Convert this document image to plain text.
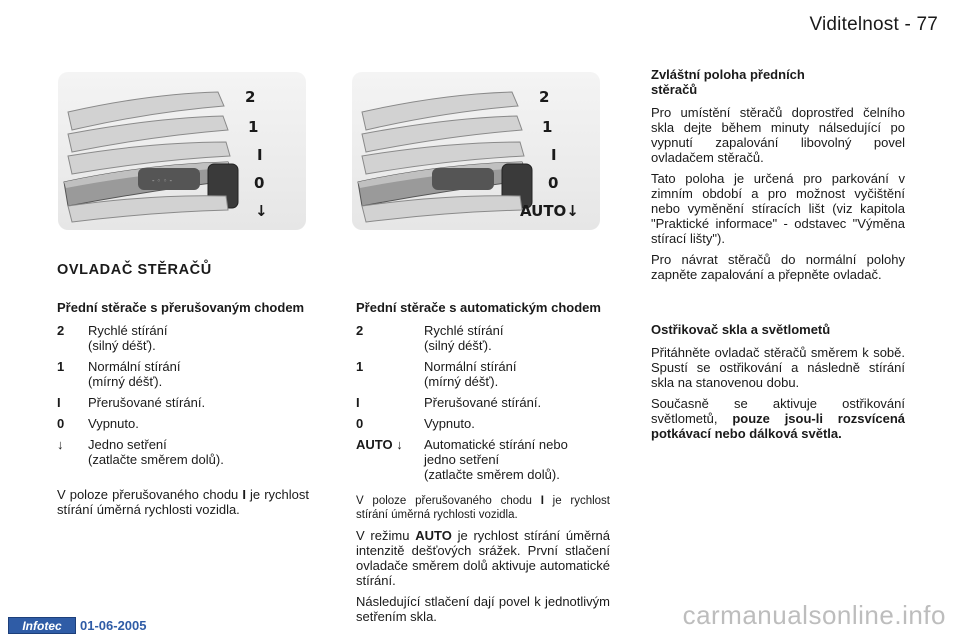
Viditelnost - 77
- ◦ ◦ -
2
1
I
0
↓
2
1
I
0
AUTO↓
OVLADAČ STĚRAČŮ
Přední stěrače s přerušovaným chodem
2	Rychlé stírání
(silný déšť).
1	Normální stírání
(mírný déšť).
I	Přerušované stírání.
0	Vypnuto.
↓	Jedno setření
(zatlačte směrem dolů).

V poloze přerušovaného chodu I je rychlost stírání úměrná rychlosti vozidla.

Přední stěrače s automatickým chodem
2	Rychlé stírání
(silný déšť).
1	Normální stírání
(mírný déšť).
I	Přerušované stírání.
0	Vypnuto.
AUTO ↓	Automatické stírání nebo
jedno setření
(zatlačte směrem dolů).

V poloze přerušovaného chodu I je rychlost stírání úměrná rychlosti vozidla.

V režimu AUTO je rychlost stírání úměrná intenzitě dešťových srážek. První stlačení ovladače směrem dolů aktivuje automatické stírání.

Následující stlačení dají povel k jednotlivým setřením skla.

Zvláštní poloha předních stěračů

Pro umístění stěračů doprostřed čelního skla dejte během minuty nálsedující po vypnutí zapalování libovolný povel ovladačem stěračů.

Tato poloha je určená pro parkování v zimním období a pro možnost vyčištění nebo vyměnění stíracích lišt (viz kapitola "Praktické informace" - odstavec "Výměna stírací lišty").

Pro návrat stěračů do normální polohy zapněte zapalování a přepněte ovladač.

Ostřikovač skla a světlometů

Přitáhněte ovladač stěračů směrem k sobě. Spustí se ostřikování a následně stírání skla na stanovenou dobu.

Současně se aktivuje ostřikování světlometů, pouze jsou-li rozsvícená potkávací nebo dálková světla.

Infotec	01-06-2005	carmanualsonline.info
